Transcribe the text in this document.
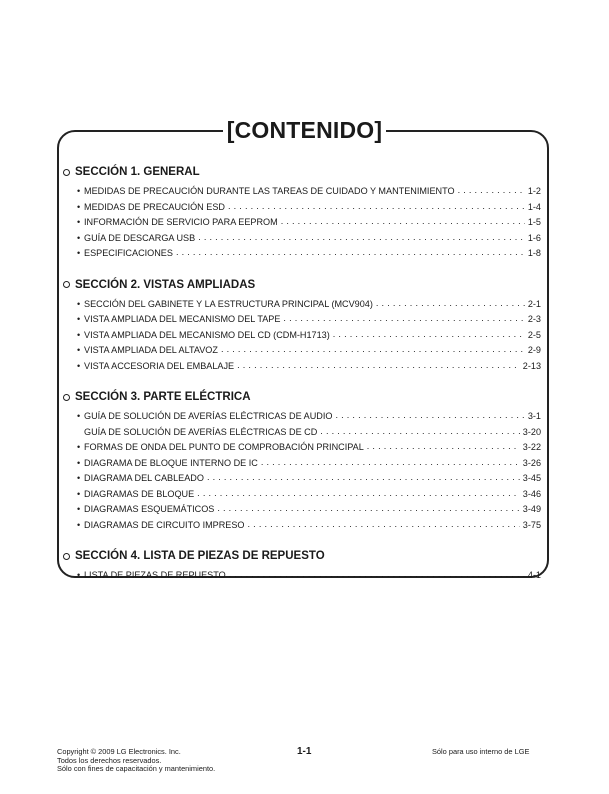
[CONTENIDO]
SECCIÓN 1. GENERAL
• MEDIDAS DE PRECAUCIÓN DURANTE LAS TAREAS DE CUIDADO Y MANTENIMIENTO . . .	1-2
• MEDIDAS DE PRECAUCIÓN ESD . . .	1-4
• INFORMACIÓN DE SERVICIO PARA EEPROM . . .	1-5
• GUÍA DE DESCARGA USB . . .	1-6
• ESPECIFICACIONES . . .	1-8
SECCIÓN 2. VISTAS AMPLIADAS
• SECCIÓN DEL GABINETE Y LA ESTRUCTURA PRINCIPAL (MCV904) . . .	2-1
• VISTA AMPLIADA DEL MECANISMO DEL TAPE . . .	2-3
• VISTA AMPLIADA DEL MECANISMO DEL CD (CDM-H1713) . . .	2-5
• VISTA AMPLIADA DEL ALTAVOZ . . .	2-9
• VISTA ACCESORIA DEL EMBALAJE . . .	2-13
SECCIÓN 3. PARTE ELÉCTRICA
• GUÍA DE SOLUCIÓN DE AVERÍAS ELÉCTRICAS DE AUDIO . . .	3-1
GUÍA DE SOLUCIÓN DE AVERÍAS ELÉCTRICAS DE CD . . .	3-20
• FORMAS DE ONDA DEL PUNTO DE COMPROBACIÓN PRINCIPAL . . .	3-22
• DIAGRAMA DE BLOQUE INTERNO DE IC . . .	3-26
• DIAGRAMA DEL CABLEADO . . .	3-45
• DIAGRAMAS DE BLOQUE . . .	3-46
• DIAGRAMAS ESQUEMÁTICOS . . .	3-49
• DIAGRAMAS DE CIRCUITO IMPRESO . . .	3-75
SECCIÓN 4. LISTA DE PIEZAS DE REPUESTO
• LISTA DE PIEZAS DE REPUESTO . . .	4-1
Copyright © 2009 LG Electronics. Inc.
Todos los derechos reservados.
Sólo con fines de capacitación y mantenimiento.
1-1	Sólo para uso interno de LGE
